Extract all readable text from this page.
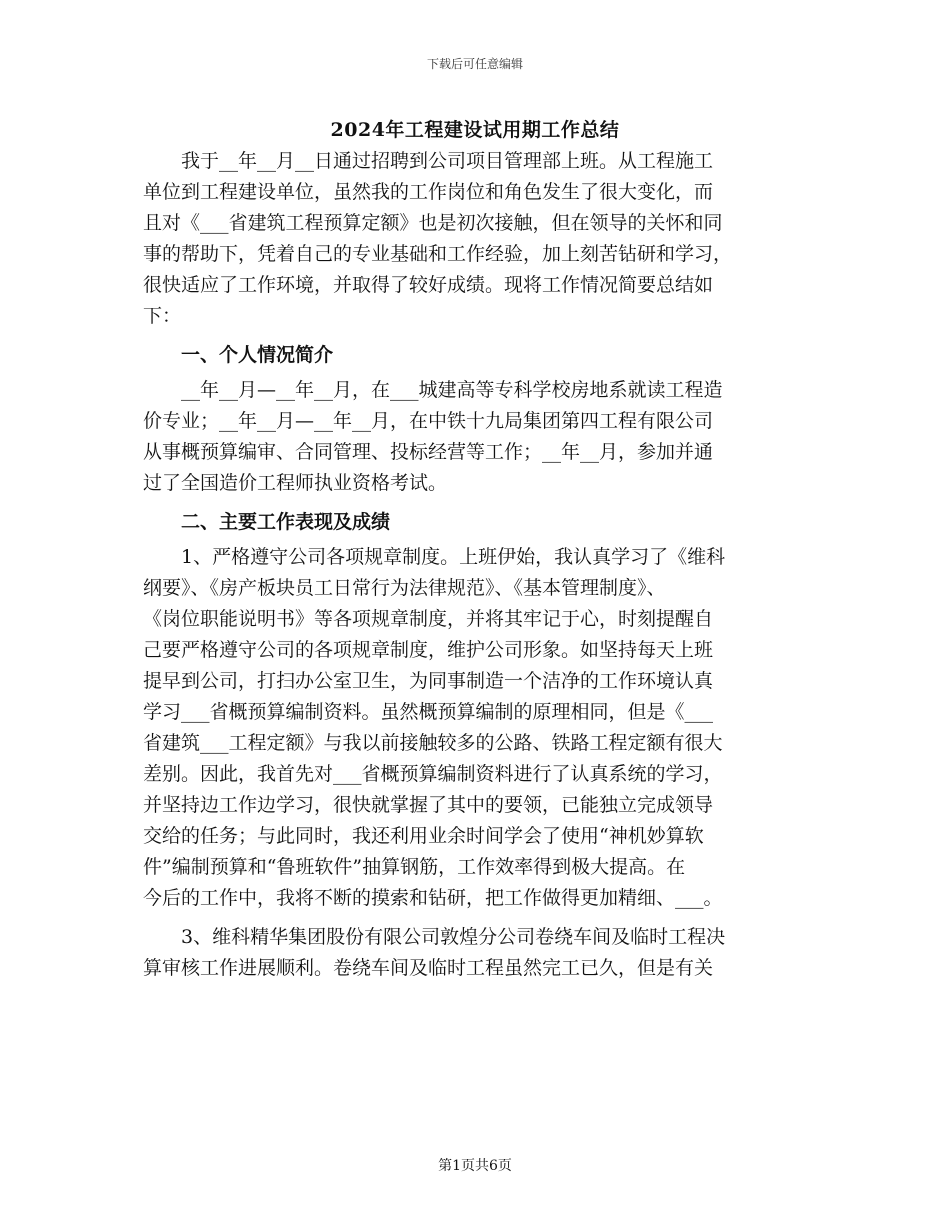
下载后可任意编辑
2024年工程建设试用期工作总结
我于__年__月__日通过招聘到公司项目管理部上班。从工程施工
单位到工程建设单位，虽然我的工作岗位和角色发生了很大变化，而
且对《___省建筑工程预算定额》也是初次接触，但在领导的关怀和同
事的帮助下，凭着自己的专业基础和工作经验，加上刻苦钻研和学习，
很快适应了工作环境，并取得了较好成绩。现将工作情况简要总结如
下：
一、个人情况简介
__年__月—__年__月，在___城建高等专科学校房地系就读工程造
价专业；__年__月—__年__月，在中铁十九局集团第四工程有限公司
从事概预算编审、合同管理、投标经营等工作；__年__月，参加并通
过了全国造价工程师执业资格考试。
二、主要工作表现及成绩
1、严格遵守公司各项规章制度。上班伊始，我认真学习了《维科
纲要》、《房产板块员工日常行为法律规范》、《基本管理制度》、
《岗位职能说明书》等各项规章制度，并将其牢记于心，时刻提醒自
己要严格遵守公司的各项规章制度，维护公司形象。如坚持每天上班
提早到公司，打扫办公室卫生，为同事制造一个洁净的工作环境认真
学习___省概预算编制资料。虽然概预算编制的原理相同，但是《___
省建筑___工程定额》与我以前接触较多的公路、铁路工程定额有很大
差别。因此，我首先对___省概预算编制资料进行了认真系统的学习，
并坚持边工作边学习，很快就掌握了其中的要领，已能独立完成领导
交给的任务；与此同时，我还利用业余时间学会了使用“神机妙算软
件”编制预算和“鲁班软件”抽算钢筋，工作效率得到极大提高。在
今后的工作中，我将不断的摸索和钻研，把工作做得更加精细、___。
3、维科精华集团股份有限公司敦煌分公司卷绕车间及临时工程决
算审核工作进展顺利。卷绕车间及临时工程虽然完工已久，但是有关
第1页共6页
